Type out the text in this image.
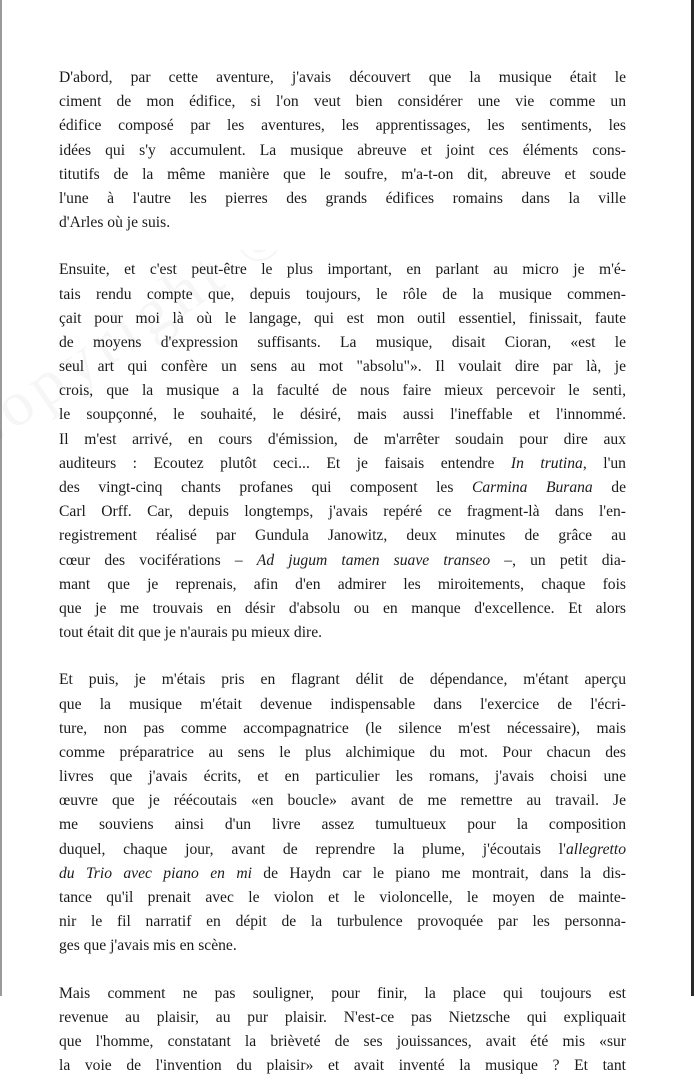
D'abord, par cette aventure, j'avais découvert que la musique était le
ciment de mon édifice, si l'on veut bien considérer une vie comme un
édifice composé par les aventures, les apprentissages, les sentiments, les
idées qui s'y accumulent. La musique abreuve et joint ces éléments cons-
titutifs de la même manière que le soufre, m'a-t-on dit, abreuve et soude
l'une à l'autre les pierres des grands édifices romains dans la ville
d'Arles où je suis.

Ensuite, et c'est peut-être le plus important, en parlant au micro je m'é-
tais rendu compte que, depuis toujours, le rôle de la musique commen-
çait pour moi là où le langage, qui est mon outil essentiel, finissait, faute
de moyens d'expression suffisants. La musique, disait Cioran, «est le
seul art qui confère un sens au mot "absolu"». Il voulait dire par là, je
crois, que la musique a la faculté de nous faire mieux percevoir le senti,
le soupçonné, le souhaité, le désiré, mais aussi l'ineffable et l'innommé.
Il m'est arrivé, en cours d'émission, de m'arrêter soudain pour dire aux
auditeurs : Ecoutez plutôt ceci... Et je faisais entendre In trutina, l'un
des vingt-cinq chants profanes qui composent les Carmina Burana de
Carl Orff. Car, depuis longtemps, j'avais repéré ce fragment-là dans l'en-
registrement réalisé par Gundula Janowitz, deux minutes de grâce au
cœur des vociférations – Ad jugum tamen suave transeo –, un petit dia-
mant que je reprenais, afin d'en admirer les miroitements, chaque fois
que je me trouvais en désir d'absolu ou en manque d'excellence. Et alors
tout était dit que je n'aurais pu mieux dire.

Et puis, je m'étais pris en flagrant délit de dépendance, m'étant aperçu
que la musique m'était devenue indispensable dans l'exercice de l'écri-
ture, non pas comme accompagnatrice (le silence m'est nécessaire), mais
comme préparatrice au sens le plus alchimique du mot. Pour chacun des
livres que j'avais écrits, et en particulier les romans, j'avais choisi une
œuvre que je réécoutais «en boucle» avant de me remettre au travail. Je
me souviens ainsi d'un livre assez tumultueux pour la composition
duquel, chaque jour, avant de reprendre la plume, j'écoutais l'allegretto
du Trio avec piano en mi de Haydn car le piano me montrait, dans la dis-
tance qu'il prenait avec le violon et le violoncelle, le moyen de mainte-
nir le fil narratif en dépit de la turbulence provoquée par les personna-
ges que j'avais mis en scène.

Mais comment ne pas souligner, pour finir, la place qui toujours est
revenue au plaisir, au pur plaisir. N'est-ce pas Nietzsche qui expliquait
que l'homme, constatant la brièveté de ses jouissances, avait été mis «sur
la voie de l'invention du plaisir» et avait inventé la musique ? Et tant
